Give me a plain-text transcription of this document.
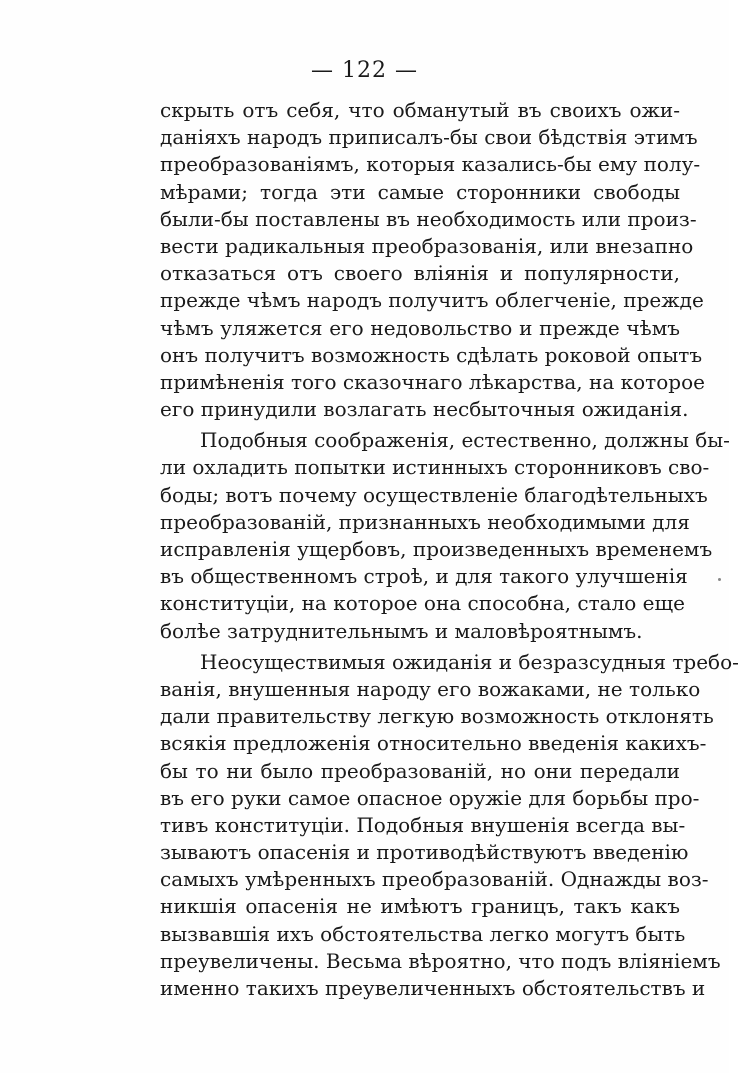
— 122 —
скрыть отъ себя, что обманутый въ своихъ ожи-
даніяхъ народъ приписалъ-бы свои бѣдствія этимъ
преобразованіямъ, которыя казались-бы ему полу-
мѣрами; тогда эти самые сторонники свободы
были-бы поставлены въ необходимость или произ-
вести радикальныя преобразованія, или внезапно
отказаться отъ своего вліянія и популярности,
прежде чѣмъ народъ получитъ облегченіе, прежде
чѣмъ уляжется его недовольство и прежде чѣмъ
онъ получитъ возможность сдѣлать роковой опытъ
примѣненія того сказочнаго лѣкарства, на которое
его принудили возлагать несбыточныя ожиданія.
Подобныя соображенія, естественно, должны бы-
ли охладить попытки истинныхъ сторонниковъ сво-
боды; вотъ почему осуществленіе благодѣтельныхъ
преобразованій, признанныхъ необходимыми для
исправленія ущербовъ, произведенныхъ временемъ
въ общественномъ строѣ, и для такого улучшенія
конституціи, на которое она способна, стало еще
болѣе затруднительнымъ и маловѣроятнымъ.
Неосуществимыя ожиданія и безразсудныя требо-
ванія, внушенныя народу его вожаками, не только
дали правительству легкую возможность отклонять
всякія предложенія относительно введенія какихъ-
бы то ни было преобразованій, но они передали
въ его руки самое опасное оружіе для борьбы про-
тивъ конституціи. Подобныя внушенія всегда вы-
зываютъ опасенія и противодѣйствуютъ введенію
самыхъ умѣренныхъ преобразованій. Однажды воз-
никшія опасенія не имѣютъ границъ, такъ какъ
вызвавшія ихъ обстоятельства легко могутъ быть
преувеличены. Весьма вѣроятно, что подъ вліяніемъ
именно такихъ преувеличенныхъ обстоятельствъ и
